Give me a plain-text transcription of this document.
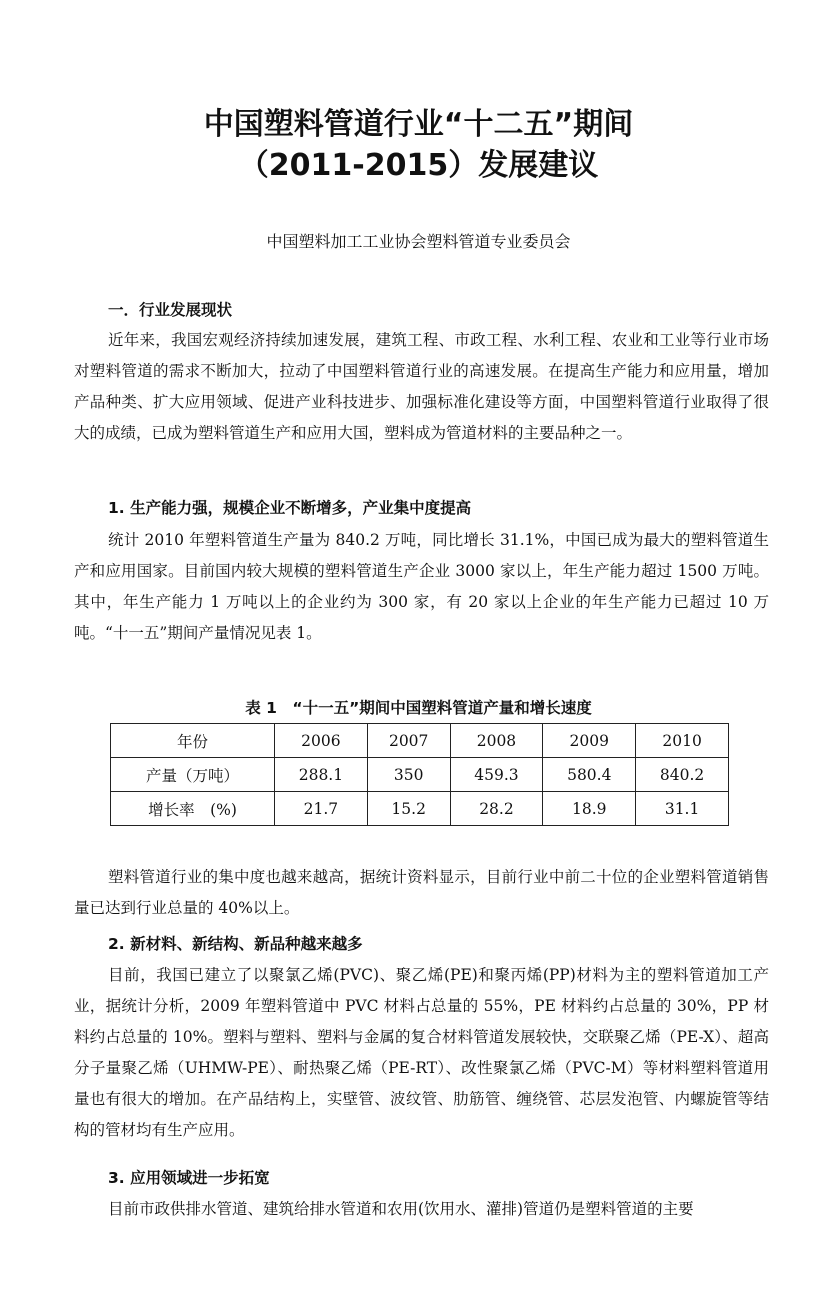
中国塑料管道行业“十二五”期间
（2011-2015）发展建议
中国塑料加工工业协会塑料管道专业委员会
一．行业发展现状

近年来，我国宏观经济持续加速发展，建筑工程、市政工程、水利工程、农业和工业等行业市场对塑料管道的需求不断加大，拉动了中国塑料管道行业的高速发展。在提高生产能力和应用量，增加产品种类、扩大应用领域、促进产业科技进步、加强标准化建设等方面，中国塑料管道行业取得了很大的成绩，已成为塑料管道生产和应用大国，塑料成为管道材料的主要品种之一。

1. 生产能力强，规模企业不断增多，产业集中度提高

统计 2010 年塑料管道生产量为 840.2 万吨，同比增长 31.1%，中国已成为最大的塑料管道生产和应用国家。目前国内较大规模的塑料管道生产企业 3000 家以上，年生产能力超过 1500 万吨。其中，年生产能力 1 万吨以上的企业约为 300 家，有 20 家以上企业的年生产能力已超过 10 万吨。“十一五”期间产量情况见表 1。

表 1　“十一五”期间中国塑料管道产量和增长速度
年份	2006	2007	2008	2009	2010
产量（万吨）	288.1	350	459.3	580.4	840.2
增长率　(%)	21.7	15.2	28.2	18.9	31.1

塑料管道行业的集中度也越来越高，据统计资料显示，目前行业中前二十位的企业塑料管道销售量已达到行业总量的 40%以上。

2. 新材料、新结构、新品种越来越多

目前，我国已建立了以聚氯乙烯(PVC)、聚乙烯(PE)和聚丙烯(PP)材料为主的塑料管道加工产业，据统计分析，2009 年塑料管道中 PVC 材料占总量的 55%，PE 材料约占总量的 30%，PP 材料约占总量的 10%。塑料与塑料、塑料与金属的复合材料管道发展较快，交联聚乙烯（PE-X）、超高分子量聚乙烯（UHMW-PE）、耐热聚乙烯（PE-RT）、改性聚氯乙烯（PVC-M）等材料塑料管道用量也有很大的增加。在产品结构上，实壁管、波纹管、肋筋管、缠绕管、芯层发泡管、内螺旋管等结构的管材均有生产应用。

3. 应用领域进一步拓宽

目前市政供排水管道、建筑给排水管道和农用(饮用水、灌排)管道仍是塑料管道的主要
